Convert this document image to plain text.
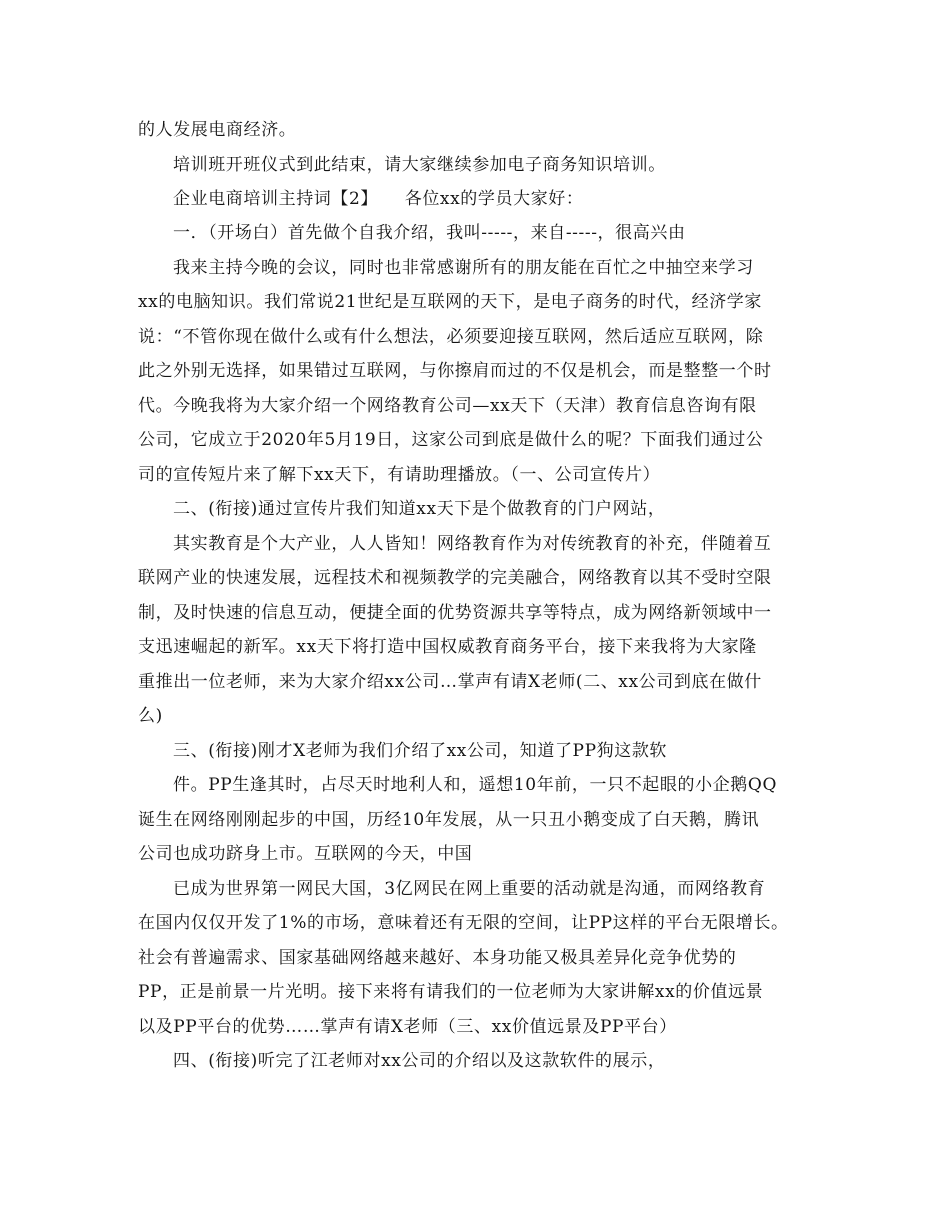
的人发展电商经济。
培训班开班仪式到此结束，请大家继续参加电子商务知识培训。
企业电商培训主持词【2】　　各位xx的学员大家好：
一．（开场白）首先做个自我介绍，我叫-----，来自-----，很高兴由
我来主持今晚的会议，同时也非常感谢所有的朋友能在百忙之中抽空来学习
xx的电脑知识。我们常说21世纪是互联网的天下，是电子商务的时代，经济学家
说：“不管你现在做什么或有什么想法，必须要迎接互联网，然后适应互联网，除
此之外别无选择，如果错过互联网，与你擦肩而过的不仅是机会，而是整整一个时
代。今晚我将为大家介绍一个网络教育公司—xx天下（天津）教育信息咨询有限
公司，它成立于2020年5月19日，这家公司到底是做什么的呢？下面我们通过公
司的宣传短片来了解下xx天下，有请助理播放。（一、公司宣传片）
二、(衔接)通过宣传片我们知道xx天下是个做教育的门户网站，
其实教育是个大产业，人人皆知！网络教育作为对传统教育的补充，伴随着互
联网产业的快速发展，远程技术和视频教学的完美融合，网络教育以其不受时空限
制，及时快速的信息互动，便捷全面的优势资源共享等特点，成为网络新领域中一
支迅速崛起的新军。xx天下将打造中国权威教育商务平台，接下来我将为大家隆
重推出一位老师，来为大家介绍xx公司…掌声有请X老师(二、xx公司到底在做什
么)
三、(衔接)刚才X老师为我们介绍了xx公司，知道了PP狗这款软
件。PP生逢其时，占尽天时地利人和，遥想10年前，一只不起眼的小企鹅QQ
诞生在网络刚刚起步的中国，历经10年发展，从一只丑小鹅变成了白天鹅，腾讯
公司也成功跻身上市。互联网的今天，中国
已成为世界第一网民大国，3亿网民在网上重要的活动就是沟通，而网络教育
在国内仅仅开发了1%的市场，意味着还有无限的空间，让PP这样的平台无限增长。
社会有普遍需求、国家基础网络越来越好、本身功能又极具差异化竞争优势的
PP，正是前景一片光明。接下来将有请我们的一位老师为大家讲解xx的价值远景
以及PP平台的优势……掌声有请X老师（三、xx价值远景及PP平台）
四、(衔接)听完了江老师对xx公司的介绍以及这款软件的展示，
